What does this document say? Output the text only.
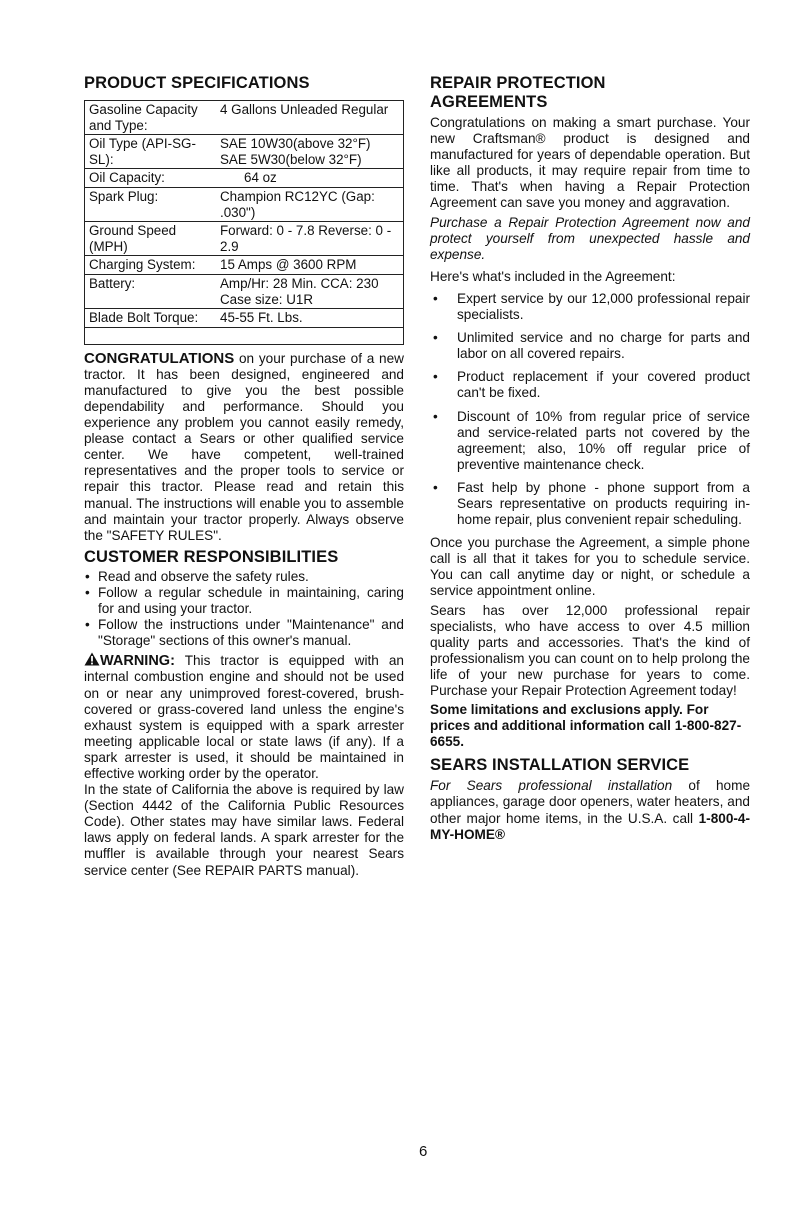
PRODUCT SPECIFICATIONS
Gasoline Capacity and Type:	4 Gallons Unleaded Regular
Oil Type (API-SG-SL):	SAE 10W30(above 32°F) SAE 5W30(below 32°F)
Oil Capacity:	64 oz
Spark Plug:	Champion RC12YC (Gap: .030")
Ground Speed (MPH)	Forward: 0 - 7.8 Reverse: 0 - 2.9
Charging System:	15 Amps @ 3600 RPM
Battery:	Amp/Hr: 28 Min. CCA: 230 Case size: U1R
Blade Bolt Torque:	45-55 Ft. Lbs.

CONGRATULATIONS on your purchase of a new tractor. It has been designed, engineered and manufactured to give you the best possible dependability and performance. Should you experience any problem you cannot easily remedy, please contact a Sears or other qualified service center. We have competent, well-trained representatives and the proper tools to service or repair this tractor. Please read and retain this manual. The instructions will enable you to assemble and maintain your tractor properly. Always observe the "SAFETY RULES".

CUSTOMER RESPONSIBILITIES
• Read and observe the safety rules.
• Follow a regular schedule in maintaining, caring for and using your tractor.
• Follow the instructions under "Maintenance" and "Storage" sections of this owner's manual.

WARNING: This tractor is equipped with an internal combustion engine and should not be used on or near any unimproved forest-covered, brush-covered or grass-covered land unless the engine's exhaust system is equipped with a spark arrester meeting applicable local or state laws (if any). If a spark arrester is used, it should be maintained in effective working order by the operator.

In the state of California the above is required by law (Section 4442 of the California Public Resources Code). Other states may have similar laws. Federal laws apply on federal lands. A spark arrester for the muffler is available through your nearest Sears service center (See REPAIR PARTS manual).

REPAIR PROTECTION AGREEMENTS

Congratulations on making a smart purchase. Your new Craftsman® product is designed and manufactured for years of dependable operation. But like all products, it may require repair from time to time. That's when having a Repair Protection Agreement can save you money and aggravation.

Purchase a Repair Protection Agreement now and protect yourself from unexpected hassle and expense.

Here's what's included in the Agreement:

• Expert service by our 12,000 professional repair specialists.
• Unlimited service and no charge for parts and labor on all covered repairs.
• Product replacement if your covered product can't be fixed.
• Discount of 10% from regular price of service and service-related parts not covered by the agreement; also, 10% off regular price of preventive maintenance check.
• Fast help by phone - phone support from a Sears representative on products requiring in-home repair, plus convenient repair scheduling.

Once you purchase the Agreement, a simple phone call is all that it takes for you to schedule service. You can call anytime day or night, or schedule a service appointment online.

Sears has over 12,000 professional repair specialists, who have access to over 4.5 million quality parts and accessories. That's the kind of professionalism you can count on to help prolong the life of your new purchase for years to come. Purchase your Repair Protection Agreement today!

Some limitations and exclusions apply. For prices and additional information call 1-800-827-6655.

SEARS INSTALLATION SERVICE

For Sears professional installation of home appliances, garage door openers, water heaters, and other major home items, in the U.S.A. call 1-800-4-MY-HOME®

6
